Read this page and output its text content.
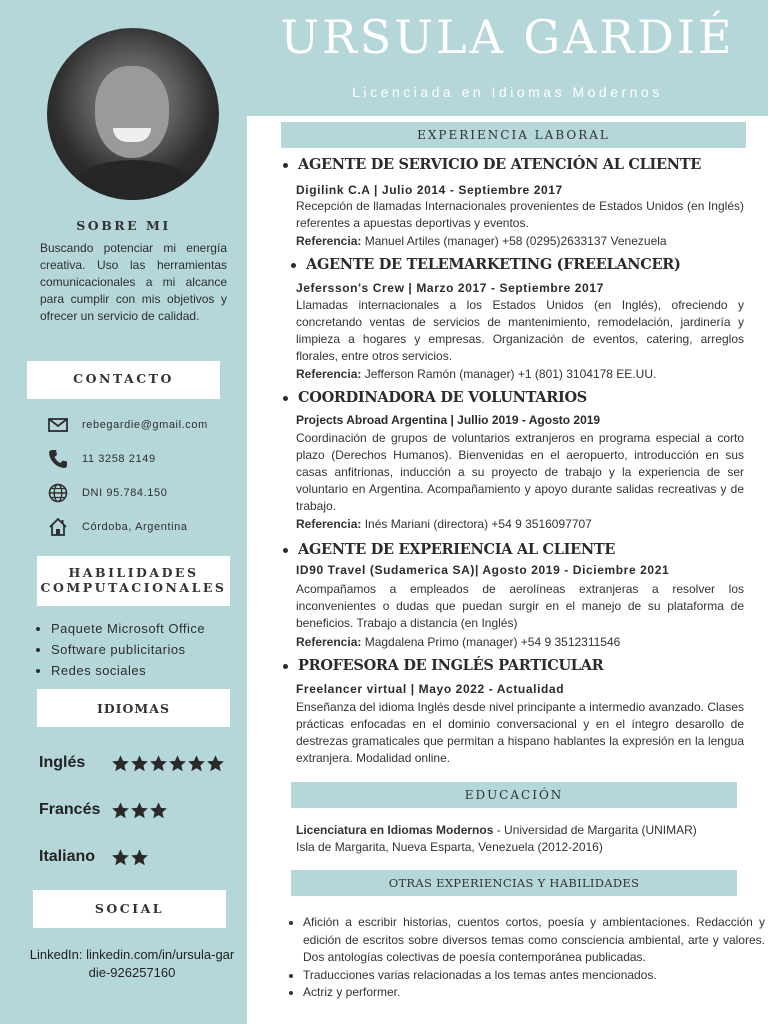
URSULA GARDIÉ
Licenciada en Idiomas Modernos
SOBRE MI
Buscando potenciar mi energía creativa. Uso las herramientas comunicacionales a mi alcance para cumplir con mis objetivos y ofrecer un servicio de calidad.
CONTACTO
rebegardie@gmail.com
11 3258 2149
DNI 95.784.150
Córdoba, Argentina
HABILIDADES
COMPUTACIONALES
• Paquete Microsoft Office
• Software publicitarios
• Redes sociales
IDIOMAS
Inglés
Francés
Italiano
SOCIAL
LinkedIn: linkedin.com/in/ursula-gar
die-926257160
EXPERIENCIA LABORAL
AGENTE DE SERVICIO DE ATENCIÓN AL CLIENTE
Digilink C.A | Julio 2014 - Septiembre 2017
Recepción de llamadas Internacionales provenientes de Estados Unidos (en Inglés) referentes a apuestas deportivas y eventos.
Referencia: Manuel Artiles (manager) +58 (0295)2633137 Venezuela
AGENTE DE TELEMARKETING (FREELANCER)
Jefersson's Crew | Marzo 2017 - Septiembre 2017
Llamadas internacionales a los Estados Unidos (en Inglés), ofreciendo y concretando ventas de servicios de mantenimiento, remodelación, jardinería y limpieza a hogares y empresas. Organización de eventos, catering, arreglos florales, entre otros servicios.
Referencia: Jefferson Ramón (manager) +1 (801) 3104178 EE.UU.
COORDINADORA DE VOLUNTARIOS
Projects Abroad Argentina | Jullio 2019 - Agosto 2019
Coordinación de grupos de voluntarios extranjeros en programa especial a corto plazo (Derechos Humanos). Bienvenidas en el aeropuerto, introducción en sus casas anfitrionas, inducción a su proyecto de trabajo y la experiencia de ser voluntario en Argentina. Acompañamiento y apoyo durante salidas recreativas y de trabajo.
Referencia: Inés Mariani (directora) +54 9 3516097707
AGENTE DE EXPERIENCIA AL CLIENTE
ID90 Travel (Sudamerica SA)| Agosto 2019 - Diciembre 2021
Acompañamos a empleados de aerolíneas extranjeras a resolver los inconvenientes o dudas que puedan surgir en el manejo de su plataforma de beneficios. Trabajo a distancia (en Inglés)
Referencia: Magdalena Primo (manager) +54 9 3512311546
PROFESORA DE INGLÉS PARTICULAR
Freelancer virtual | Mayo 2022 - Actualidad
Enseñanza del idioma Inglés desde nivel principante a intermedio avanzado. Clases prácticas enfocadas en el dominio conversacional y en el íntegro desarollo de destrezas gramaticales que permitan a hispano hablantes la expresión en la lengua extranjera. Modalidad online.
EDUCACIÓN
Licenciatura en Idiomas Modernos - Universidad de Margarita (UNIMAR)
Isla de Margarita, Nueva Esparta, Venezuela (2012-2016)
OTRAS EXPERIENCIAS Y HABILIDADES
• Afición a escribir historias, cuentos cortos, poesía y ambientaciones. Redacción y edición de escritos sobre diversos temas como consciencia ambiental, arte y valores. Dos antologías colectivas de poesía contemporánea publicadas.
• Traducciones varias relacionadas a los temas antes mencionados.
• Actriz y performer.
